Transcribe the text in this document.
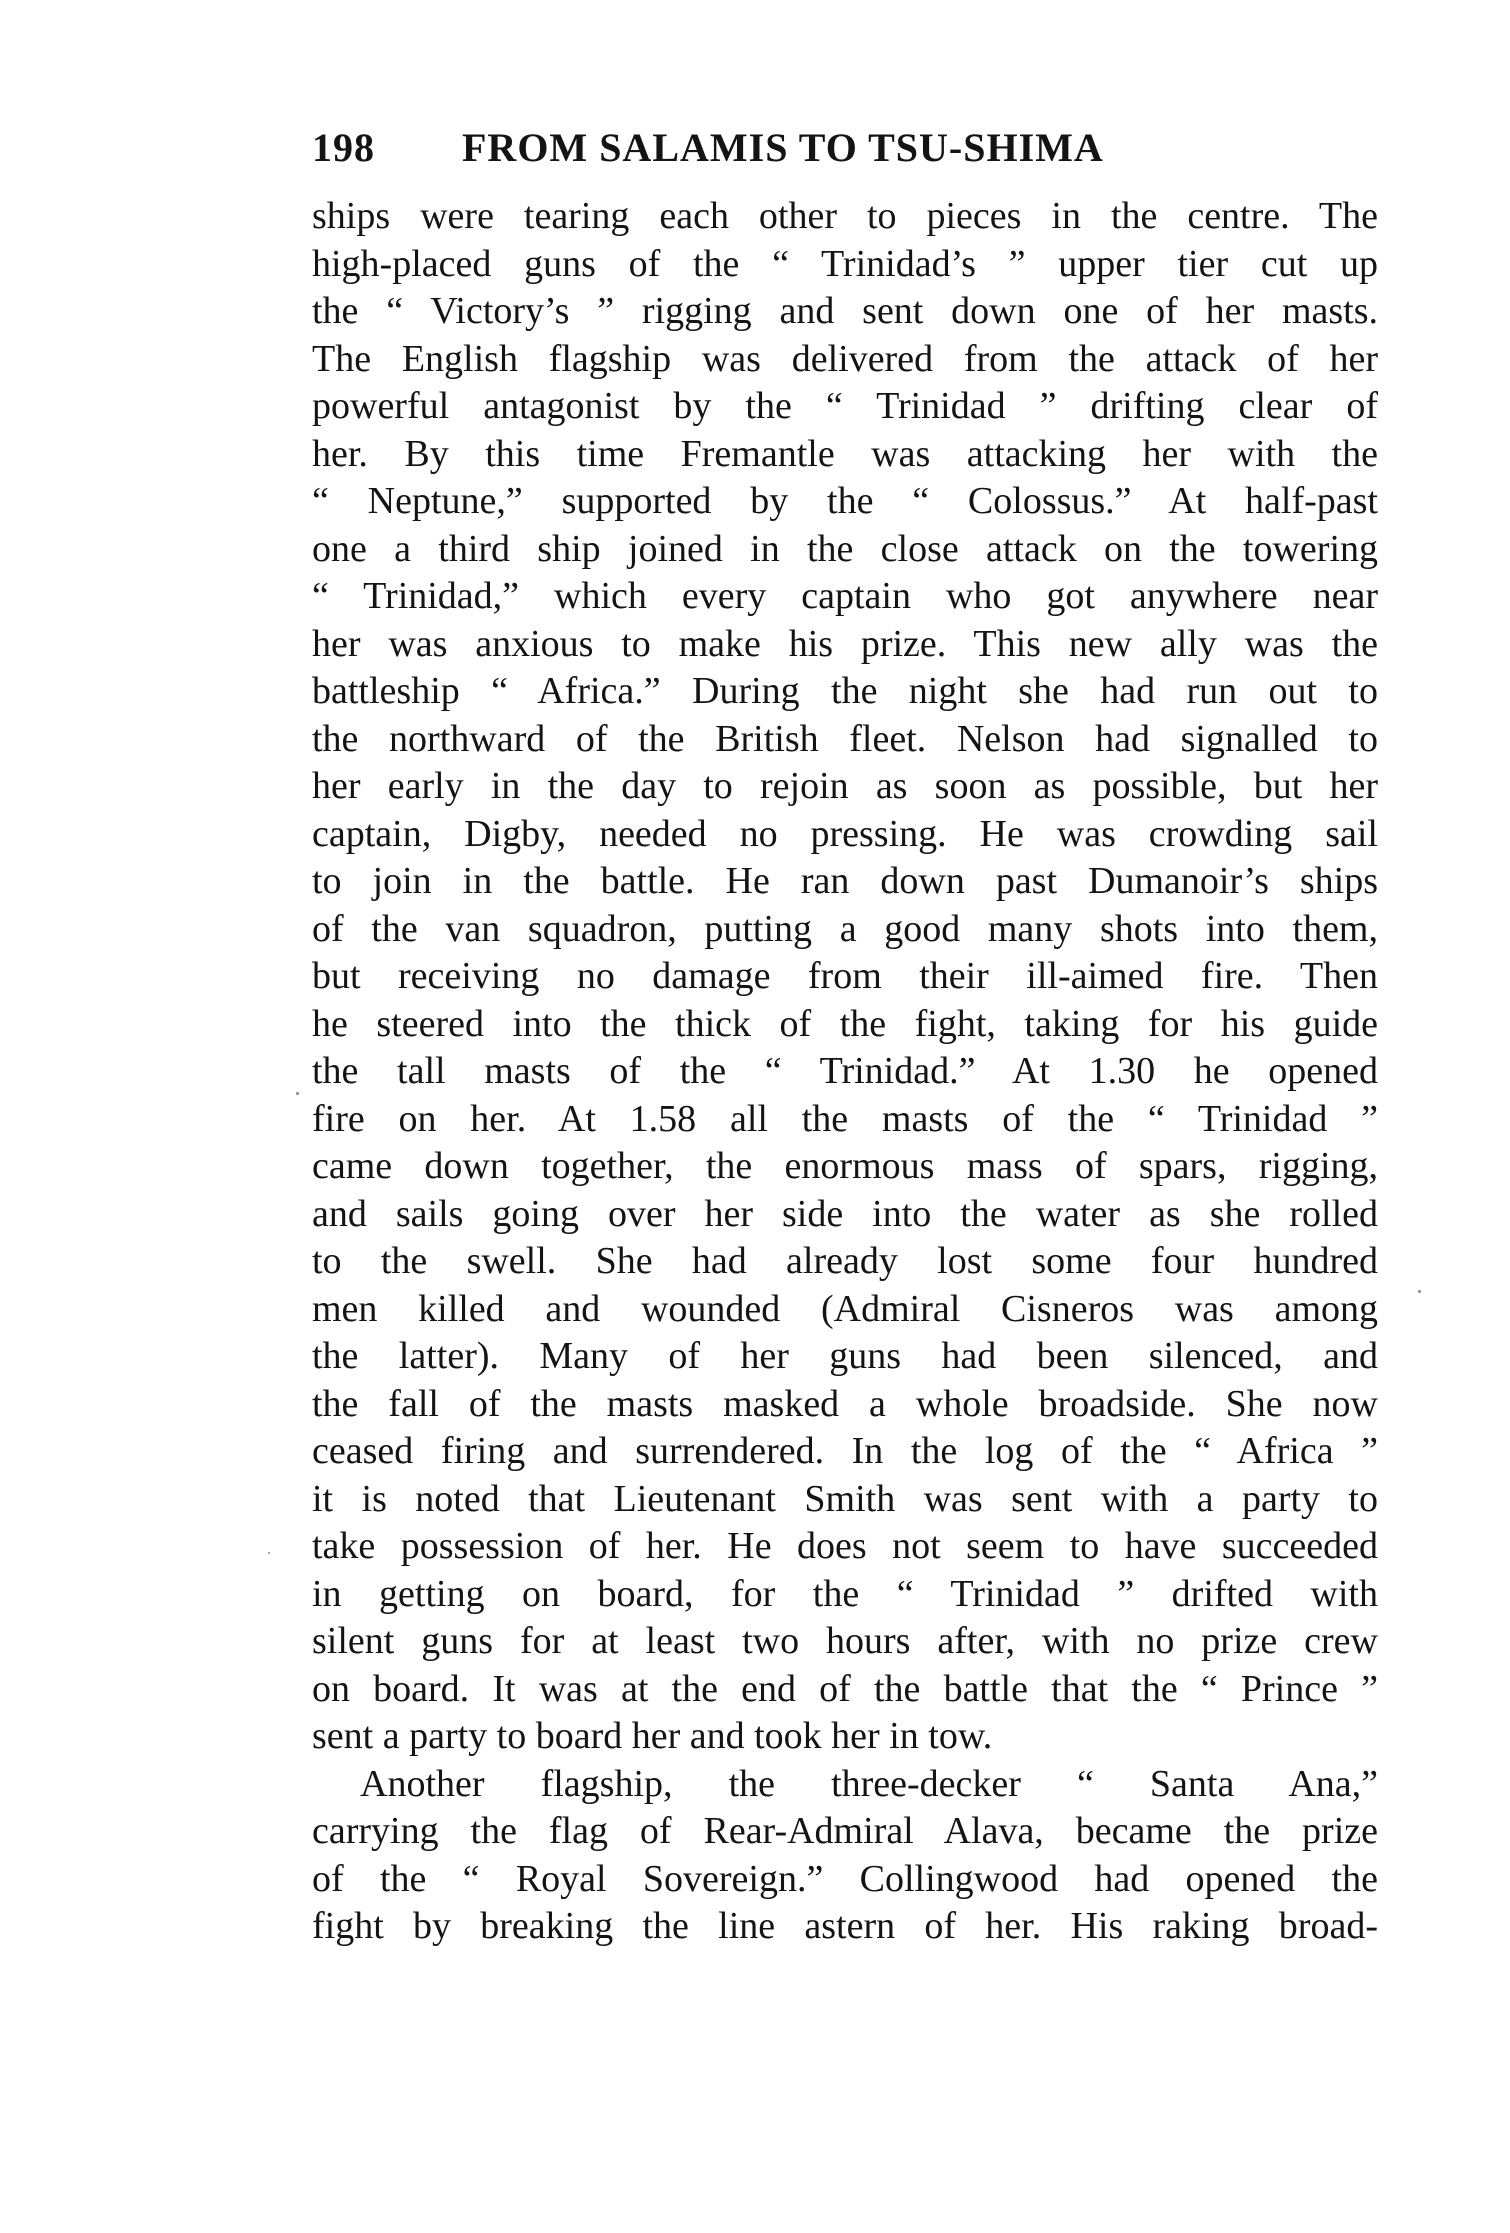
198 FROM SALAMIS TO TSU-SHIMA
ships were tearing each other to pieces in the centre. The
high-placed guns of the “ Trinidad’s ” upper tier cut up
the “ Victory’s ” rigging and sent down one of her masts.
The English flagship was delivered from the attack of her
powerful antagonist by the “ Trinidad ” drifting clear of
her. By this time Fremantle was attacking her with the
“ Neptune,” supported by the “ Colossus.” At half-past
one a third ship joined in the close attack on the towering
“ Trinidad,” which every captain who got anywhere near
her was anxious to make his prize. This new ally was the
battleship “ Africa.” During the night she had run out to
the northward of the British fleet. Nelson had signalled to
her early in the day to rejoin as soon as possible, but her
captain, Digby, needed no pressing. He was crowding sail
to join in the battle. He ran down past Dumanoir’s ships
of the van squadron, putting a good many shots into them,
but receiving no damage from their ill-aimed fire. Then
he steered into the thick of the fight, taking for his guide
the tall masts of the “ Trinidad.” At 1.30 he opened
fire on her. At 1.58 all the masts of the “ Trinidad ”
came down together, the enormous mass of spars, rigging,
and sails going over her side into the water as she rolled
to the swell. She had already lost some four hundred
men killed and wounded (Admiral Cisneros was among
the latter). Many of her guns had been silenced, and
the fall of the masts masked a whole broadside. She now
ceased firing and surrendered. In the log of the “ Africa ”
it is noted that Lieutenant Smith was sent with a party to
take possession of her. He does not seem to have succeeded
in getting on board, for the “ Trinidad ” drifted with
silent guns for at least two hours after, with no prize crew
on board. It was at the end of the battle that the “ Prince ”
sent a party to board her and took her in tow.
Another flagship, the three-decker “ Santa Ana,”
carrying the flag of Rear-Admiral Alava, became the prize
of the “ Royal Sovereign.” Collingwood had opened the
fight by breaking the line astern of her. His raking broad-
